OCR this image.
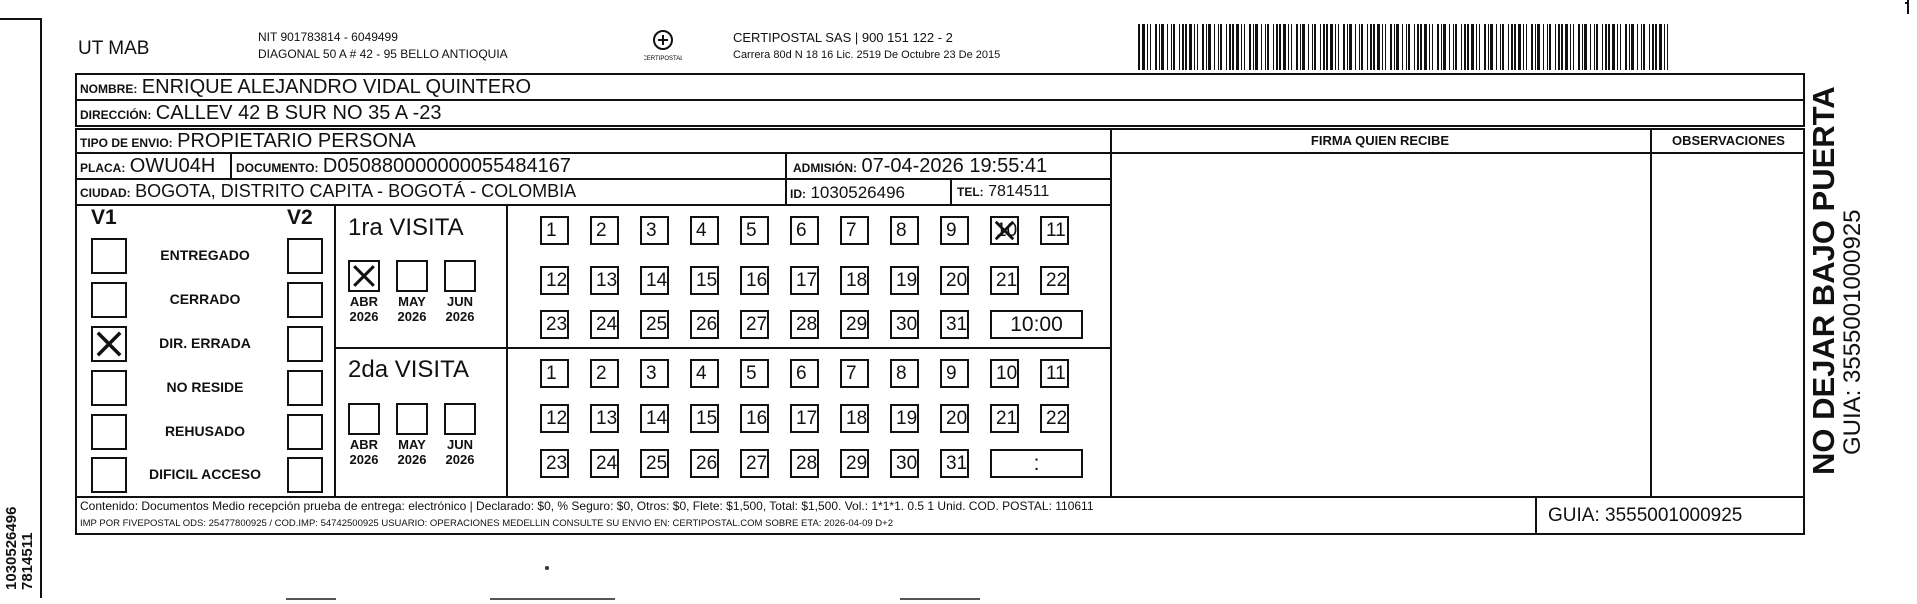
1030526496 7814511
UT MAB
NIT 901783814 - 6049499
DIAGONAL 50 A # 42 - 95 BELLO ANTIOQUIA	CERTIPOSTAL
CERTIPOSTAL SAS | 900 151 122 - 2
Carrera 80d N 18 16 Lic. 2519 De Octubre 23 De 2015
NOMBRE: ENRIQUE ALEJANDRO VIDAL QUINTERO
DIRECCIÓN: CALLEV 42 B SUR NO 35 A -23
FIRMA QUIEN RECIBE	OBSERVACIONES
TIPO DE ENVIO: PROPIETARIO PERSONA
PLACA: OWU04H DOCUMENTO: D050880000000055484167	ADMISIÓN: 07-04-2026 19:55:41
CIUDAD: BOGOTA, DISTRITO CAPITA - BOGOTÁ - COLOMBIA	ID: 1030526496	TEL: 7814511
V1	V2
ENTREGADO
CERRADO
DIR. ERRADA
NO RESIDE
REHUSADO
DIFICIL ACCESO
1ra VISITA
2da VISITA
ABR
2026
MAY
2026
JUN
2026
ABR
2026
MAY
2026
JUN
2026
1	2	3	4	5	6	7	8	9	10	11
12	13	14	15	16	17	18	19	20	21	22
23	24	25	26	27	28	29	30	31	10:00
1	2	3	4	5	6	7	8	9	10	11
12	13	14	15	16	17	18	19	20	21	22
23	24	25	26	27	28	29	30	31	:
Contenido: Documentos Medio recepción prueba de entrega: electrónico | Declarado: $0, % Seguro: $0, Otros: $0, Flete: $1,500, Total: $1,500. Vol.: 1*1*1. 0.5 1 Unid. COD. POSTAL: 110611
IMP POR FIVEPOSTAL ODS: 25477800925 / COD.IMP: 54742500925 USUARIO: OPERACIONES MEDELLIN CONSULTE SU ENVIO EN: CERTIPOSTAL.COM SOBRE ETA: 2026-04-09 D+2	GUIA: 3555001000925
NO DEJAR BAJO PUERTA
GUIA: 3555001000925
